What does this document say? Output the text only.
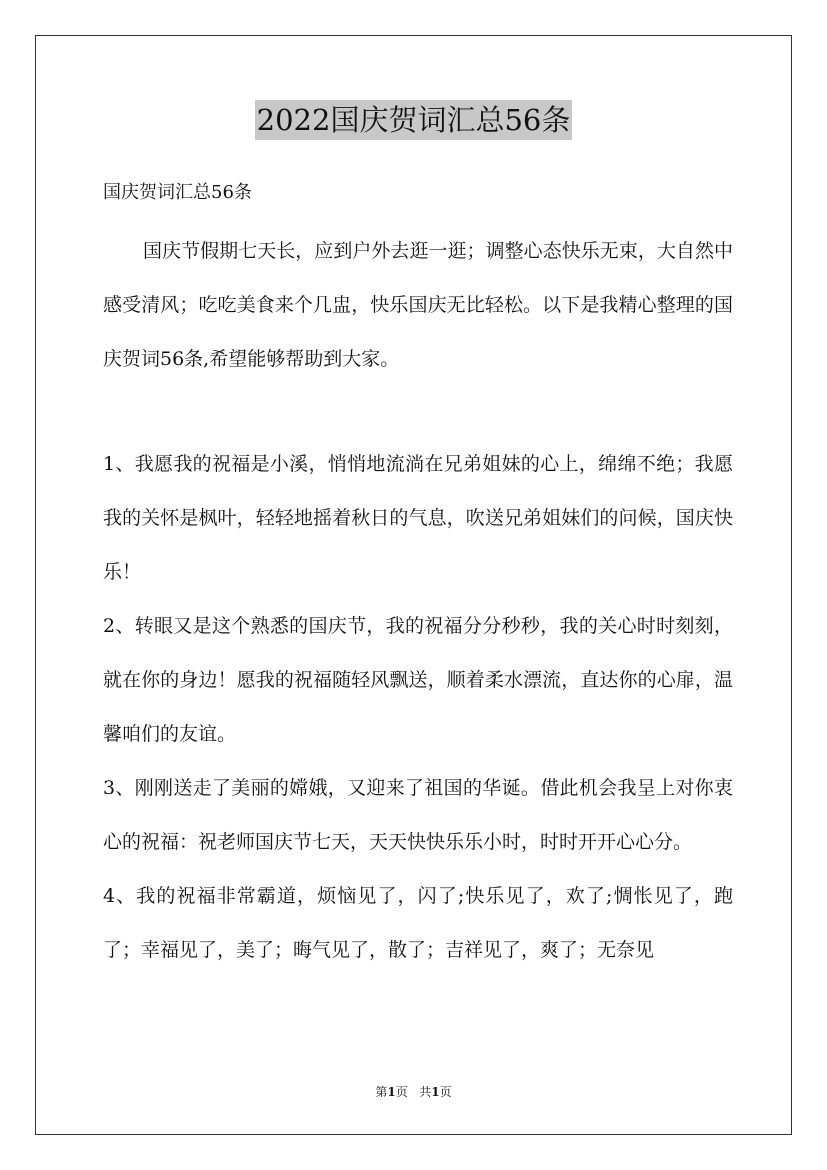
2022国庆贺词汇总56条
国庆贺词汇总56条

国庆节假期七天长，应到户外去逛一逛；调整心态快乐无束，大自然中感受清风；吃吃美食来个几盅，快乐国庆无比轻松。以下是我精心整理的国庆贺词56条,希望能够帮助到大家。

1、我愿我的祝福是小溪，悄悄地流淌在兄弟姐妹的心上，绵绵不绝；我愿我的关怀是枫叶，轻轻地摇着秋日的气息，吹送兄弟姐妹们的问候，国庆快乐！

2、转眼又是这个熟悉的国庆节，我的祝福分分秒秒，我的关心时时刻刻，就在你的身边！愿我的祝福随轻风飘送，顺着柔水漂流，直达你的心扉，温馨咱们的友谊。

3、刚刚送走了美丽的嫦娥，又迎来了祖国的华诞。借此机会我呈上对你衷心的祝福：祝老师国庆节七天，天天快快乐乐小时，时时开开心心分。

4、我的祝福非常霸道，烦恼见了，闪了;快乐见了，欢了;惆怅见了，跑了；幸福见了，美了；晦气见了，散了；吉祥见了，爽了；无奈见

第1页 共1页
